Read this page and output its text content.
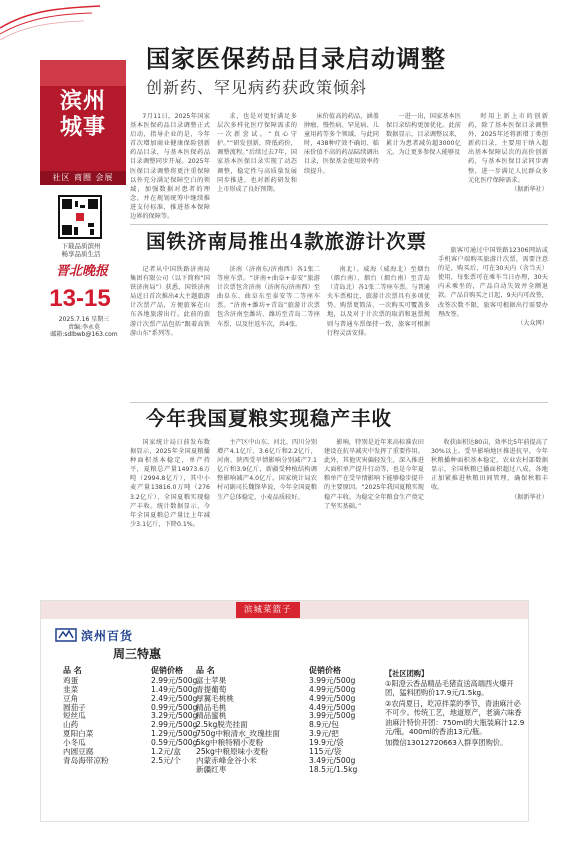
滨州
城事
社区 商圈 会展
下载品质滨州
畅享品质生活
晋北晚报
13-15
2025.7.16 星期三
责编:李永莫
邮箱:sdlbwb@163.com
国家医保药品目录启动调整
创新药、罕见病药获政策倾斜

7月11日，2025年国家基本医保药品目录调整正式启动，指导企业的是，今年首次增加商业健康保险创新药品目录，与基本医保药品目录调整同步开展。2025年医保目录调整将更注重保障以外充分满足保障空白的领域，加强数据对患者的理念，并在规划统筹中继续推进支付标准，推进基本保障边界的保障等。

求，也是对更好满足多层次多样化医疗保障需求的一次新尝试。“真心守护。”“研发创新，降低药价，调整流程。”后续过去7年，国家基本医保目录实现了动态调整，稳定性与高质量发展同步推进，也对新药研发和上市形成了良好预期。

床价值高的药品，涵盖肿瘤、慢性病、罕见病、儿童用药等多个领域。与此同时，438种疗效不确切、临床价值不高的药品陆续调出目录，医保基金使用效率持续提升。

一进一出，国家基本医保目录结构更加优化。此前数据显示，目录调整以来，累计为患者减负超3000亿元。为让更多参保人能够及

时用上新上市的创新药，除了基本医保目录调整外，2025年还将新增丁类创新药目录，主要用于纳入超出基本保障层次的高价创新药，与基本医保目录同步调整，进一步满足人民群众多元化医疗保障需求。

（据新华社）

国铁济南局推出4款旅游计次票

记者从中国铁路济南局集团有限公司（以下简称“国铁济南局”）获悉，国铁济南局近日首次推出4大主题旅游计次票产品，方便旅客在山东各地旅游出行。此前的旅游计次票产品包括“跟着高铁游山东”系列等。

济南（济南东/济南西）各1张二等座车票。“济南+曲阜+泰安”旅游计次票包含济南（济南东/济南西）至曲阜东、曲阜东至泰安等二等座车票。“济南+潍坊+青岛”旅游计次票包含济南至潍坊、潍坊至青岛二等座车票，以及往返车次，共4张。

南北）、威海（威海北）至烟台（烟台南）、烟台（烟台南）至青岛（青岛北）各1张二等座车票。与普通火车票相比，旅游计次票具有多项优势。购票更简洁，一次购买可覆盖多地，以及对于计次票的取消和退票规则与普通车票保持一致，旅客可根据行程灵活安排。

旅客可通过中国铁路12306网站或手机客户端购买旅游计次票，需要注意的是，购买后，可在30天内（含当天）使用，每张票可在乘车当日办理，30天内未乘坐的，产品自动失效并全额退款。产品自购买之日起，9天内可改签，改签次数不限，旅客可根据出行需要办理改签。

（大众网）

今年我国夏粮实现稳产丰收

国家统计局日前发布数据显示，2025年全国夏粮播种面积基本稳定，单产持平，夏粮总产量14973.6万吨（2994.8亿斤），其中小麦产量13816.0万吨（2763.2亿斤），全国夏粮实现稳产丰收。统计数据显示，今年全国夏粮总产量比上年减少3.1亿斤，下降0.1%。

主产区中山东、河北、四川分别增产4.1亿斤、3.6亿斤和2.2亿斤，河南、陕西受旱情影响分别减产7.1亿斤和3.9亿斤，新疆受种植结构调整影响减产4.0亿斤。国家统计局农村司副司长魏锋华说，今年全国夏粮生产总体稳定，小麦品质较好。

影响，特别是近年来高标准农田建设在抗旱减灾中发挥了重要作用。此外，其他灾害偏轻发生，深入推进大面积单产提升行动等，也是今年夏粮单产在受旱情影响下能够稳步提升的主要原因。“2025年我国夏粮实现稳产丰收，为稳定全年粮食生产奠定了坚实基础。”

收获面积达80亩，效率比5年前提高了30%以上。受旱影响地区推进抗旱，今年秋粮播种面积基本稳定，农业农村部数据显示，全国秋粮已播面积超过八成，各地正加紧推进秋粮田间管理，确保秋粮丰收。

（据新华社）

滨城菜篮子
滨州百货
周三特惠
品 名	促销价格
鸡蛋	2.99元/500g
韭菜	1.49元/500g
豆角	2.49元/500g
圆茄子	0.99元/500g
短丝瓜	3.29元/500g
山药	2.99元/500g
夏阳白菜	1.29元/500g
小冬瓜	0.59元/500g
内圆豆腐	1.2元/盒
青岛海带凉粉	2.5元/个
品 名	促销价格
富士苹果	3.99元/500g
青提葡萄	4.99元/500g
厚翼毛桃桃	4.99元/500g
精品毛桃	4.49元/500g
精品蜜桃	3.99元/500g
2.5kg脱壳挂面	8.9元/包
750g中粮清水_玫瑰挂面	3.9元/把
5kg中粮特精小麦粉	19.9元/袋
25kg中粮原味小麦粉	115元/袋
内蒙赤峰金谷小米	3.49元/500g
新疆红枣	18.5元/1.5kg
【社区团购】

①阳澄云香品精品毛猪直送高端西火爆开团，猛料团购价17.9元/1.5kg。

②农尚夏日，吃凉拌菜的季节，青油麻汁必不可少。传统工艺，地道原产，老滴六味香油麻汁特价开团：750ml的大瓶装麻汁12.9元/瓶，400ml的香油13元/瓶。

加微信13012720663入群享团购价。
